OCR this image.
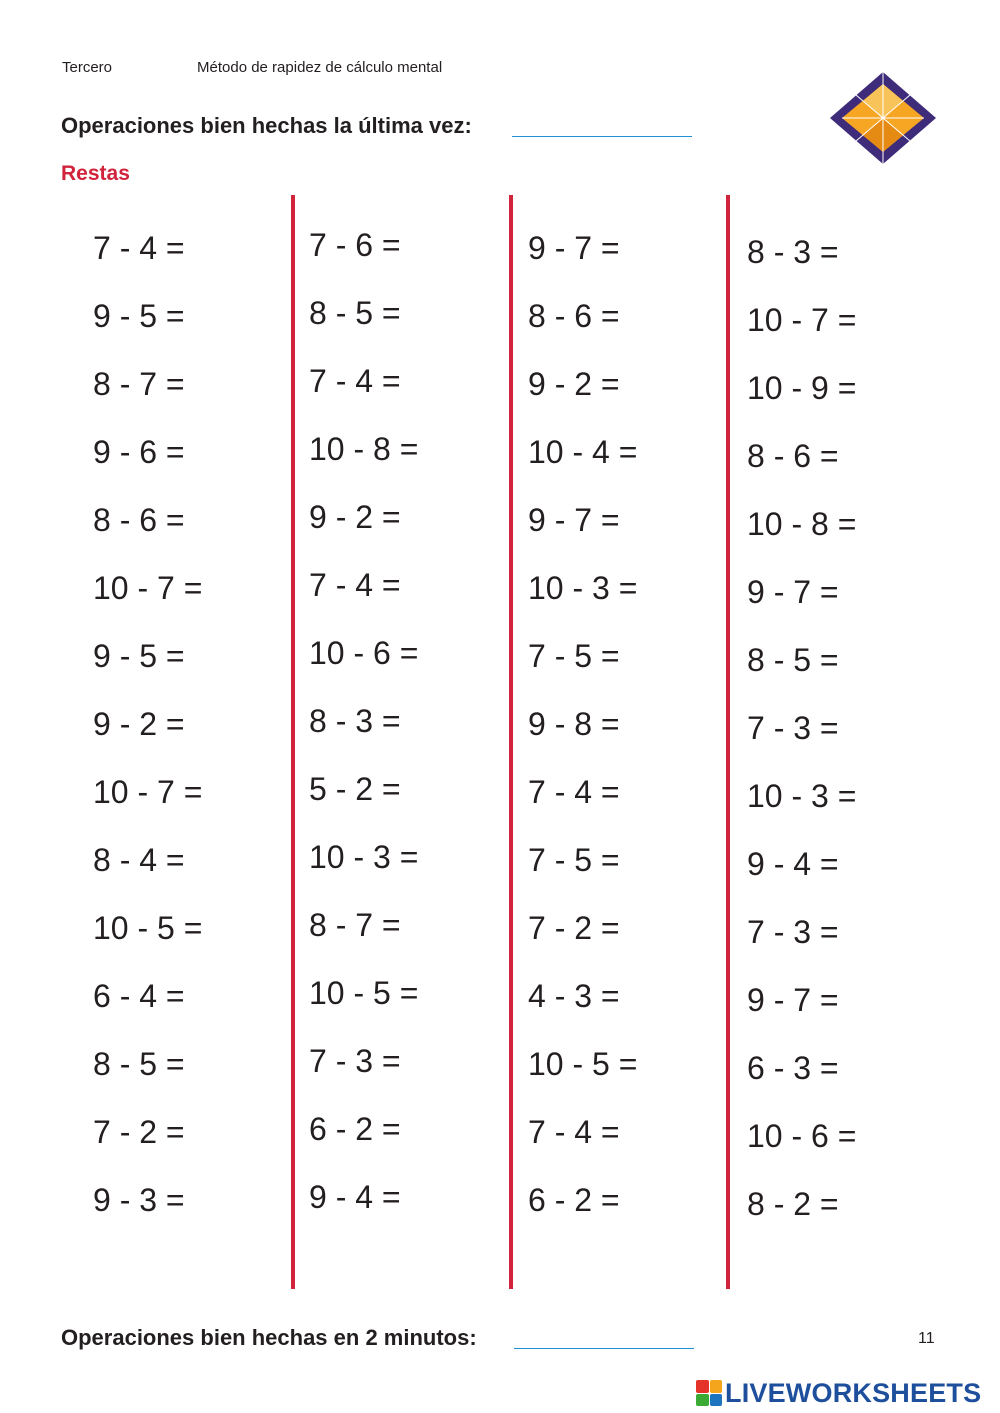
Tercero	Método de rapidez de cálculo mental
Operaciones bien hechas la última vez:
Restas
7 - 4 =
9 - 5 =
8 - 7 =
9 - 6 =
8 - 6 =
10 - 7 =
9 - 5 =
9 - 2 =
10 - 7 =
8 - 4 =
10 - 5 =
6 - 4 =
8 - 5 =
7 - 2 =
9 - 3 =
7 - 6 =
8 - 5 =
7 - 4 =
10 - 8 =
9 - 2 =
7 - 4 =
10 - 6 =
8 - 3 =
5 - 2 =
10 - 3 =
8 - 7 =
10 - 5 =
7 - 3 =
6 - 2 =
9 - 4 =
9 - 7 =
8 - 6 =
9 - 2 =
10 - 4 =
9 - 7 =
10 - 3 =
7 - 5 =
9 - 8 =
7 - 4 =
7 - 5 =
7 - 2 =
4 - 3 =
10 - 5 =
7 - 4 =
6 - 2 =
8 - 3 =
10 - 7 =
10 - 9 =
8 - 6 =
10 - 8 =
9 - 7 =
8 - 5 =
7 - 3 =
10 - 3 =
9 - 4 =
7 - 3 =
9 - 7 =
6 - 3 =
10 - 6 =
8 - 2 =
Operaciones bien hechas en 2 minutos:	11
LIVEWORKSHEETS
